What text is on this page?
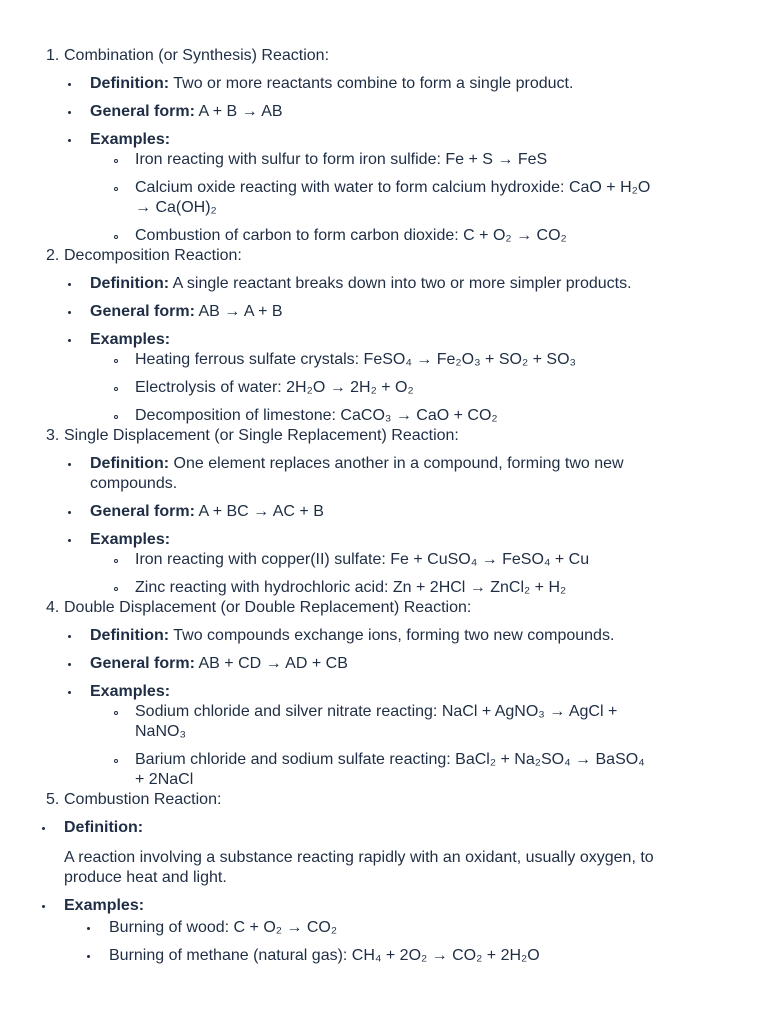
1. Combination (or Synthesis) Reaction:
Definition: Two or more reactants combine to form a single product.
General form: A + B → AB
Examples:
Iron reacting with sulfur to form iron sulfide: Fe + S → FeS
Calcium oxide reacting with water to form calcium hydroxide: CaO + H₂O → Ca(OH)₂
Combustion of carbon to form carbon dioxide: C + O₂ → CO₂
2. Decomposition Reaction:
Definition: A single reactant breaks down into two or more simpler products.
General form: AB → A + B
Examples:
Heating ferrous sulfate crystals: FeSO₄ → Fe₂O₃ + SO₂ + SO₃
Electrolysis of water: 2H₂O → 2H₂ + O₂
Decomposition of limestone: CaCO₃ → CaO + CO₂
3. Single Displacement (or Single Replacement) Reaction:
Definition: One element replaces another in a compound, forming two new compounds.
General form: A + BC → AC + B
Examples:
Iron reacting with copper(II) sulfate: Fe + CuSO₄ → FeSO₄ + Cu
Zinc reacting with hydrochloric acid: Zn + 2HCl → ZnCl₂ + H₂
4. Double Displacement (or Double Replacement) Reaction:
Definition: Two compounds exchange ions, forming two new compounds.
General form: AB + CD → AD + CB
Examples:
Sodium chloride and silver nitrate reacting: NaCl + AgNO₃ → AgCl + NaNO₃
Barium chloride and sodium sulfate reacting: BaCl₂ + Na₂SO₄ → BaSO₄ + 2NaCl
5. Combustion Reaction:
Definition:
A reaction involving a substance reacting rapidly with an oxidant, usually oxygen, to produce heat and light.
Examples:
Burning of wood: C + O₂ → CO₂
Burning of methane (natural gas): CH₄ + 2O₂ → CO₂ + 2H₂O
